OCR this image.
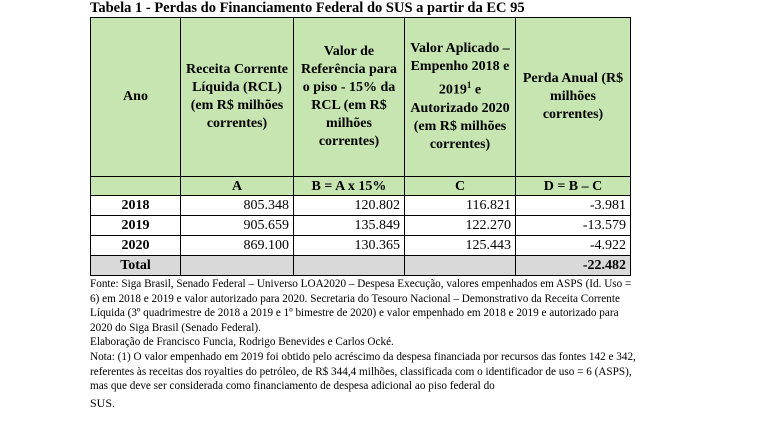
Tabela 1 - Perdas do Financiamento Federal do SUS a partir da EC 95
Ano	Receita Corrente Líquida (RCL) (em R$ milhões correntes)	Valor de Referência para o piso - 15% da RCL (em R$ milhões correntes)	Valor Aplicado – Empenho 2018 e 2019$^1$ e Autorizado 2020 (em R$ milhões correntes)	Perda Anual (R$ milhões correntes)
	A	B = A x 15%	C	D = B – C
2018	805.348	120.802	116.821	-3.981
2019	905.659	135.849	122.270	-13.579
2020	869.100	130.365	125.443	-4.922
Total				-22.482

Fonte: Siga Brasil, Senado Federal – Universo LOA2020 – Despesa Execução, valores empenhados em ASPS (Id. Uso = 6) em 2018 e 2019 e valor autorizado para 2020. Secretaria do Tesouro Nacional – Demonstrativo da Receita Corrente Líquida (3º quadrimestre de 2018 a 2019 e 1º bimestre de 2020) e valor empenhado em 2018 e 2019 e autorizado para 2020 do Siga Brasil (Senado Federal).

Elaboração de Francisco Funcia, Rodrigo Benevides e Carlos Ocké.

Nota: (1) O valor empenhado em 2019 foi obtido pelo acréscimo da despesa financiada por recursos das fontes 142 e 342, referentes às receitas dos royalties do petróleo, de R$ 344,4 milhões, classificada com o identificador de uso = 6 (ASPS), mas que deve ser considerada como financiamento de despesa adicional ao piso federal do

SUS.
